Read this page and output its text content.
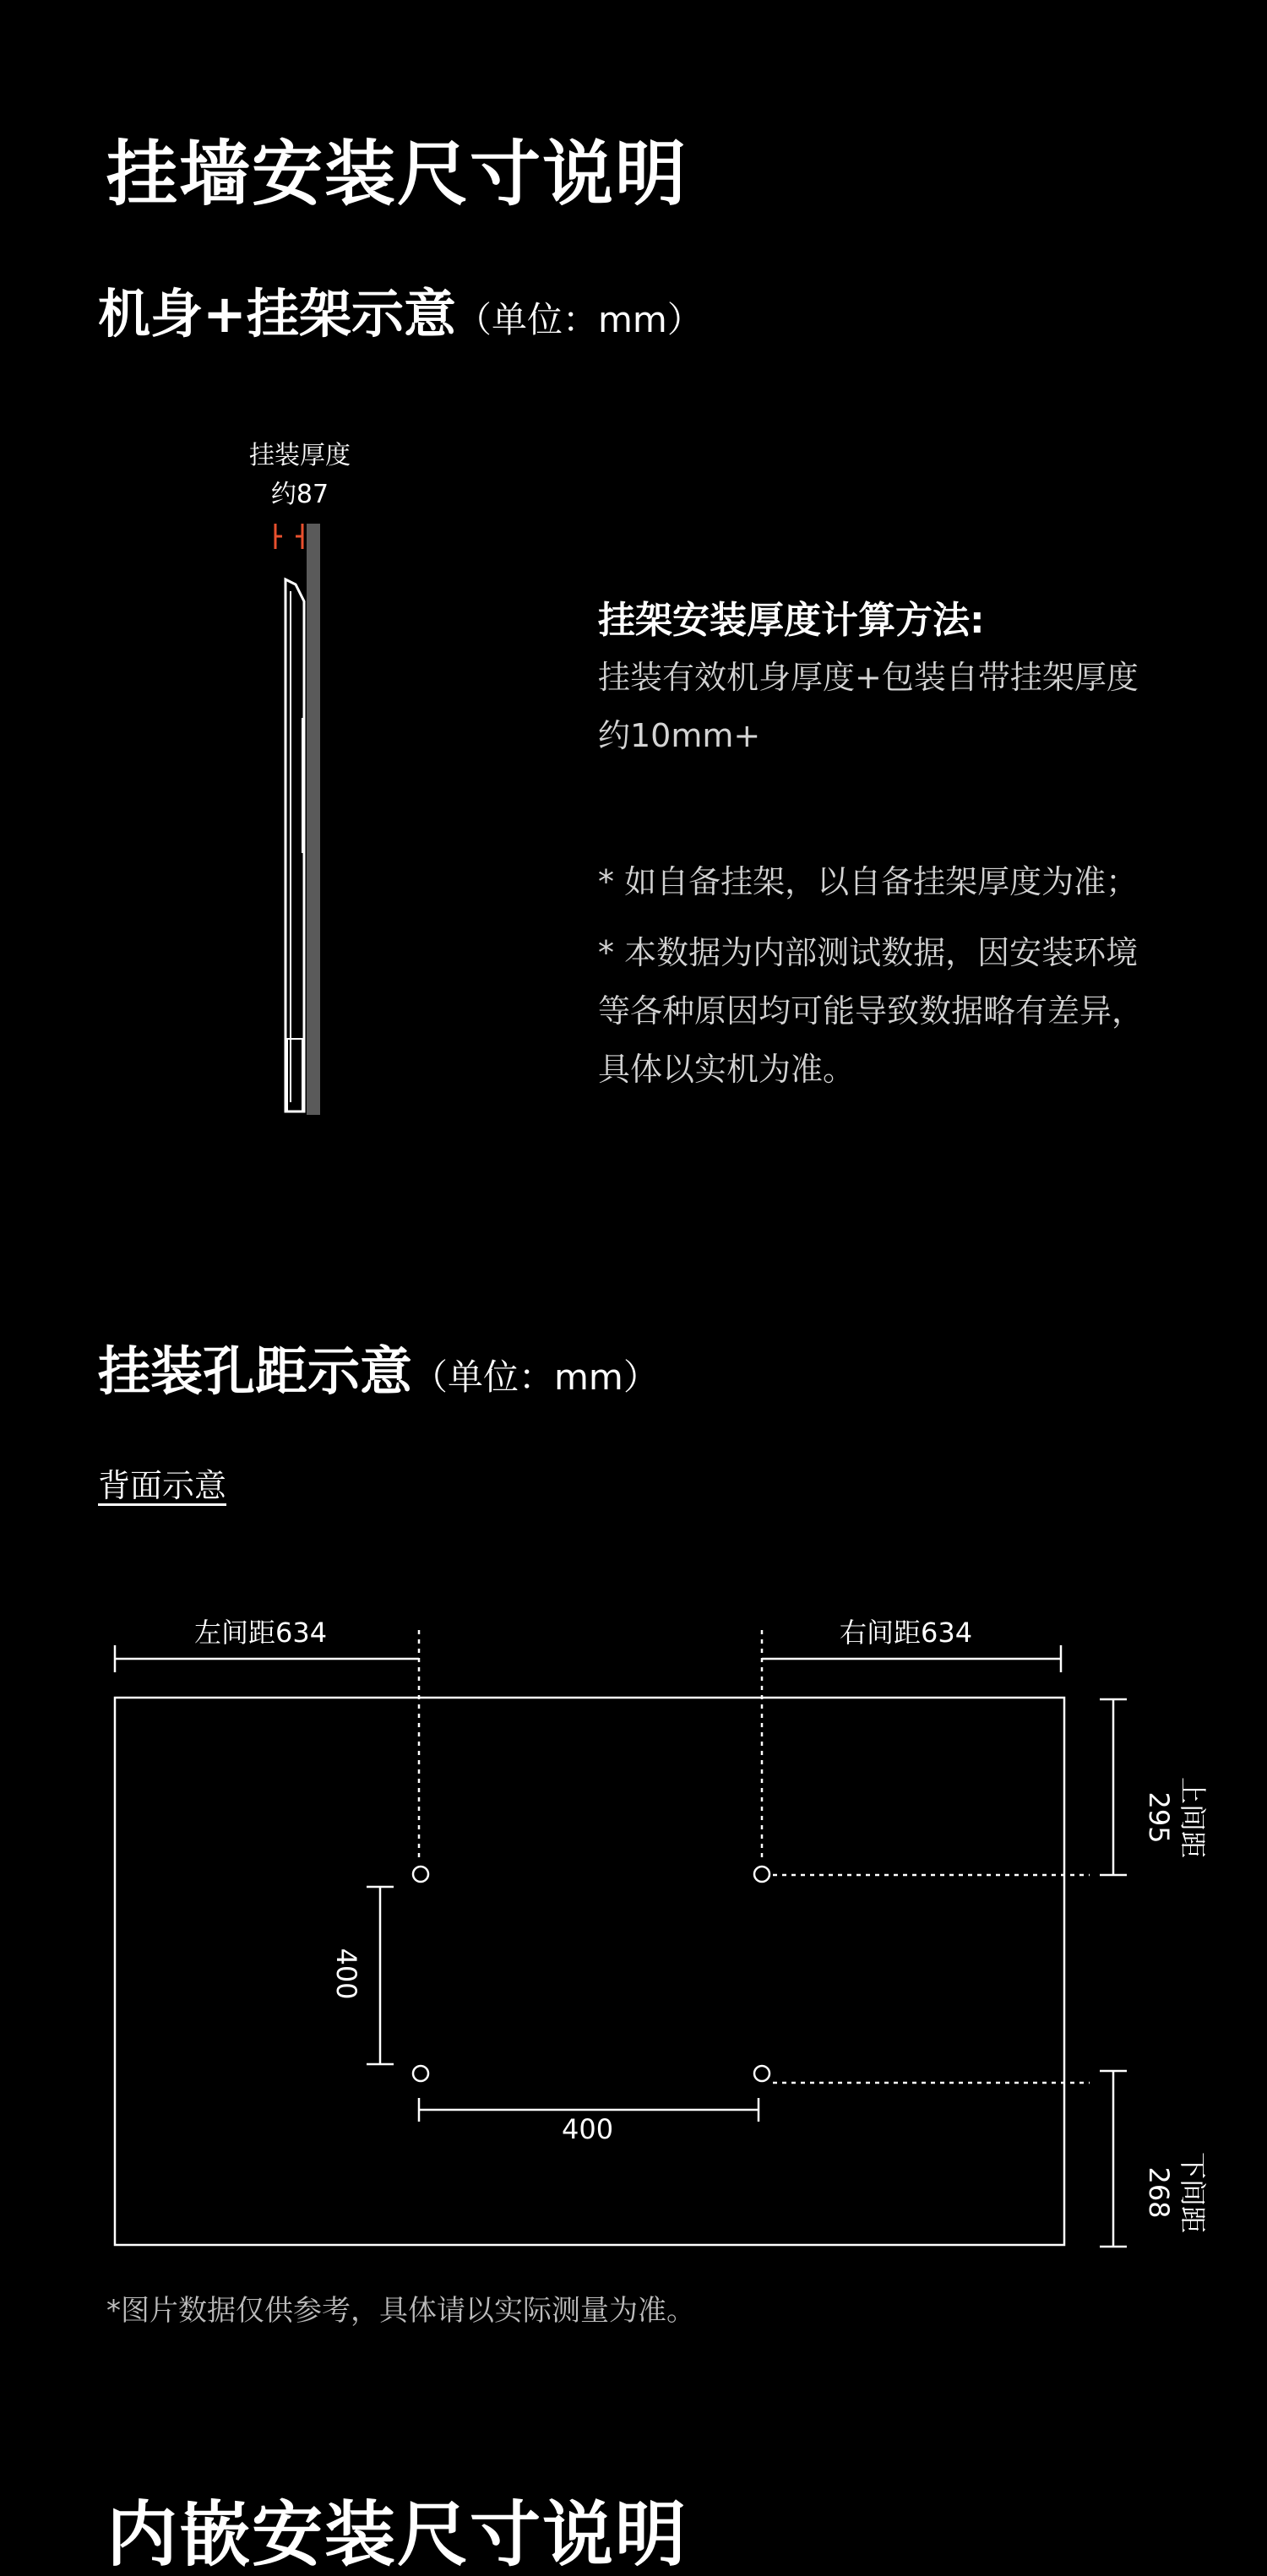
挂墙安装尺寸说明
机身+挂架示意（单位：mm）
挂装厚度
约87
挂架安装厚度计算方法:
挂装有效机身厚度+包装自带挂架厚度
约10mm+
* 如自备挂架，以自备挂架厚度为准；
* 本数据为内部测试数据，因安装环境
等各种原因均可能导致数据略有差异，
具体以实机为准。
挂装孔距示意（单位：mm）
背面示意
左间距634	右间距634
上间距295
下间距268
400
400
*图片数据仅供参考，具体请以实际测量为准。
内嵌安装尺寸说明
